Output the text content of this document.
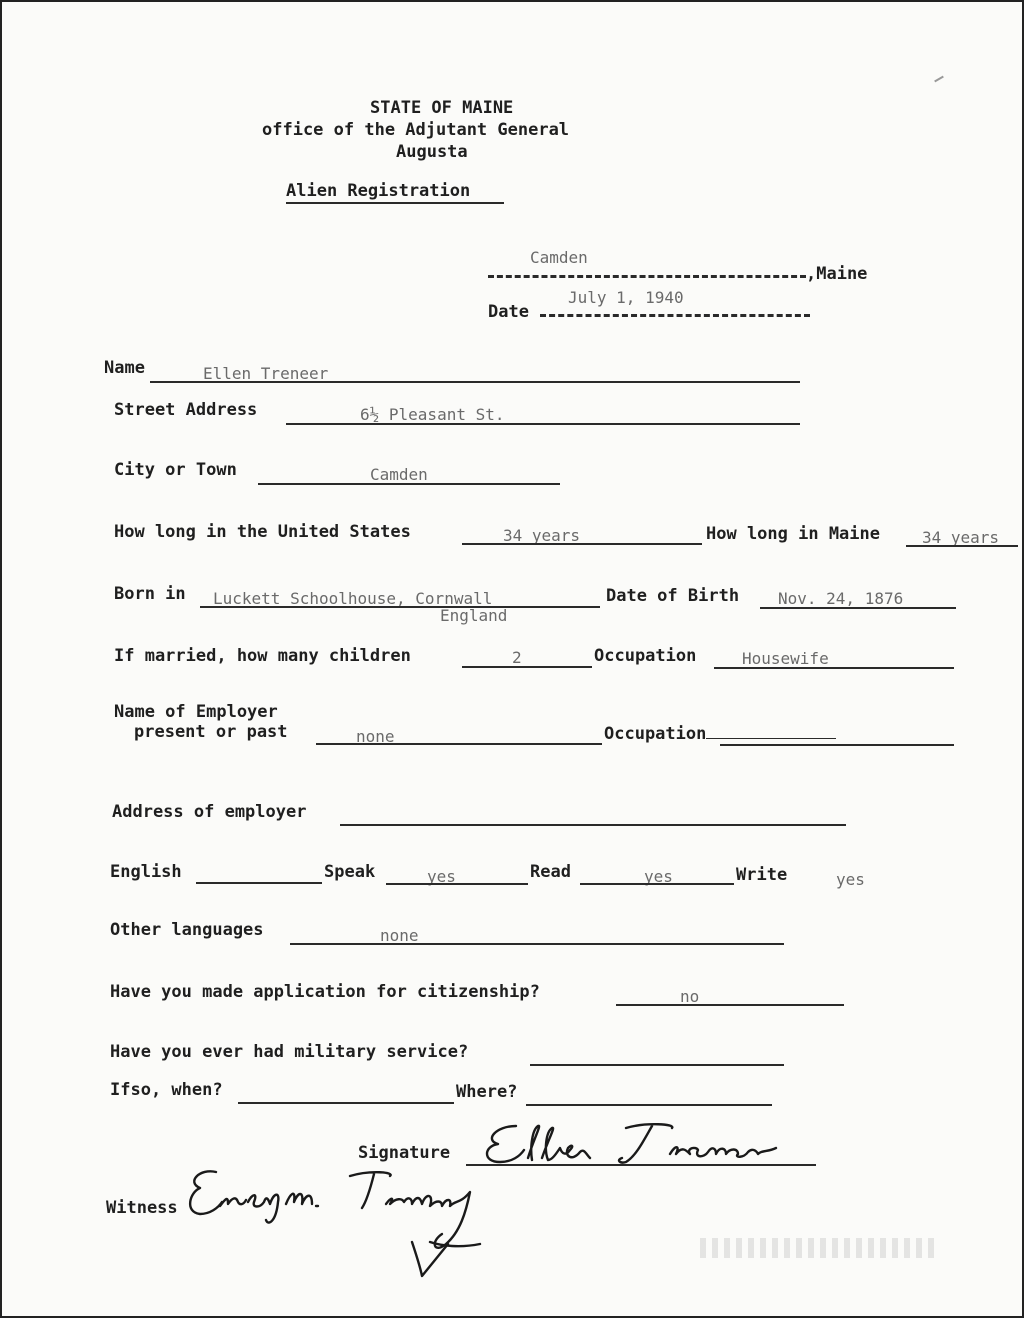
STATE OF MAINE
office of the Adjutant General
Augusta
Alien Registration
Camden
,Maine
July 1, 1940
Date
Name	Ellen Treneer
Street Address	6½ Pleasant St.
City or Town	Camden
How long in the United States	34 years	How long in Maine	34 years
Born in Luckett Schoolhouse, Cornwall
England
Date of Birth Nov. 24, 1876
If married, how many children	2	Occupation	Housewife
Name of Employer
present or past	none	Occupation
Address of employer
English	Speak	yes	Read	yes	Write	yes
Other languages	none
Have you made application for citizenship?	no
Have you ever had military service?
Ifso, when?	Where?
Signature
Witness
